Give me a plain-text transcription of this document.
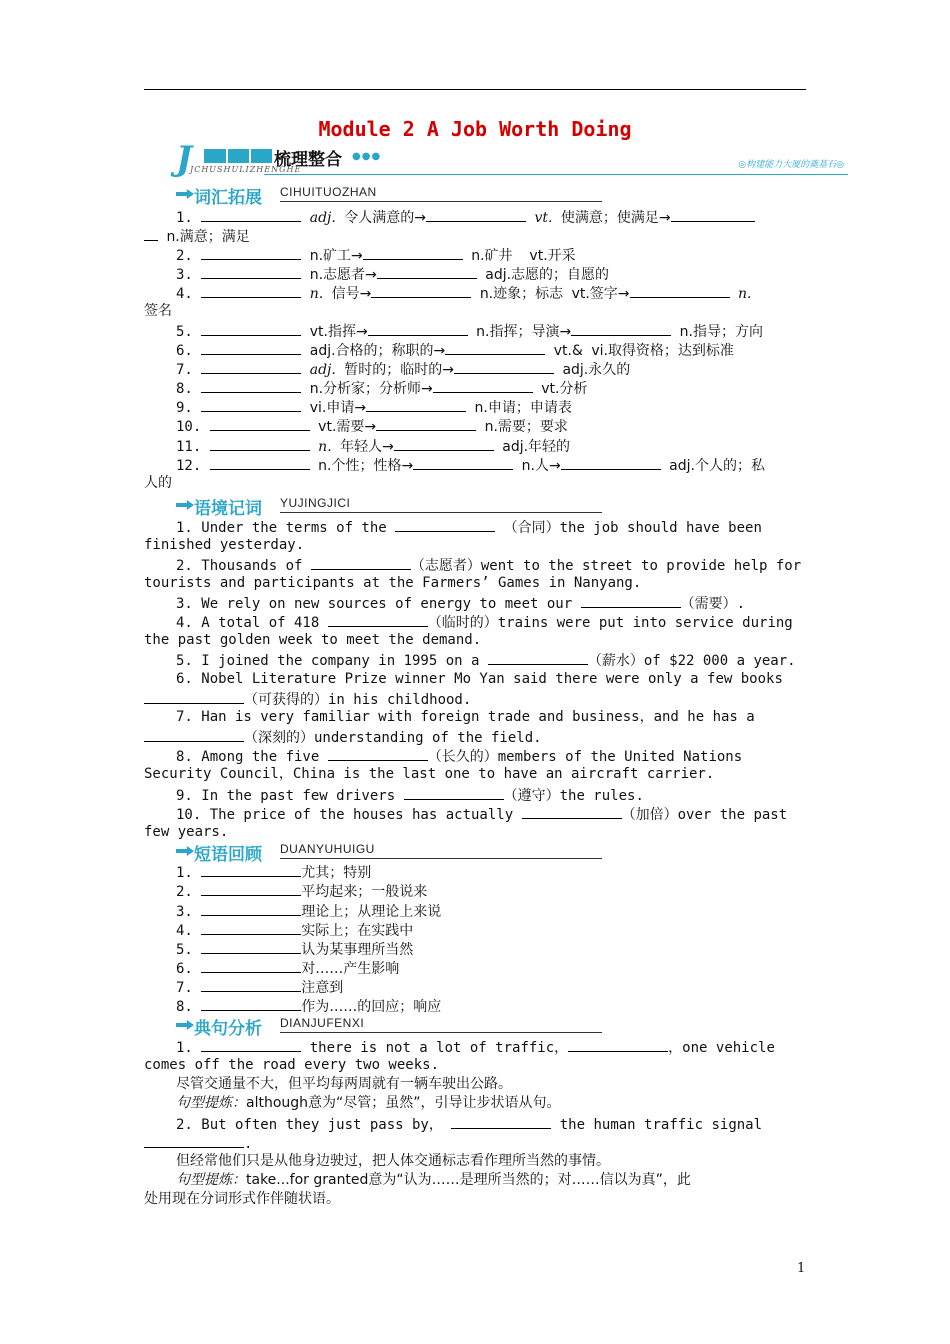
Module 2 A Job Worth Doing
J	梳理整合 ●●●
JCHUSHULIZHENGHE	◎构建能力大厦的奠基石◎
词汇拓展 CIHUITUOZHAN
1.	adj. 令人满意的→	vt. 使满意；使满足→
n.满意；满足
2.	n.矿工→	n.矿井 vt.开采
3.	n.志愿者→	adj.志愿的；自愿的
4.	n. 信号→	n.迹象；标志 vt.签字→	n.
签名
5.	vt.指挥→	n.指挥；导演→	n.指导；方向
6.	adj.合格的；称职的→	vt.& vi.取得资格；达到标准
7.	adj. 暂时的；临时的→	adj.永久的
8.	n.分析家；分析师→	vt.分析
9.	vi.申请→	n.申请；申请表
10.	vt.需要→	n.需要；要求
11.	n. 年轻人→	adj.年轻的
12.	n.个性；性格→	n.人→	adj.个人的；私
人的
语境记词 YUJINGJICI
1. Under the terms of the	（合同）the job should have been
finished yesterday.
2. Thousands of	（志愿者）went to the street to provide help for
tourists and participants at the Farmers’ Games in Nanyang.
3. We rely on new sources of energy to meet our	（需要）.
4. A total of 418	（临时的）trains were put into service during
the past golden week to meet the demand.
5. I joined the company in 1995 on a	（薪水）of $22 000 a year.
6. Nobel Literature Prize winner Mo Yan said there were only a few books
（可获得的）in his childhood.
7. Han is very familiar with foreign trade and business，and he has a
（深刻的）understanding of the field.
8. Among the five	（长久的）members of the United Nations
Security Council，China is the last one to have an aircraft carrier.
9. In the past few drivers	（遵守）the rules.
10. The price of the houses has actually	（加倍）over the past
few years.
短语回顾 DUANYUHUIGU
1.	尤其；特别
2.	平均起来；一般说来
3.	理论上；从理论上来说
4.	实际上；在实践中
5.	认为某事理所当然
6.	对……产生影响
7.	注意到
8.	作为……的回应；响应
典句分析 DIANJUFENXI
1.	there is not a lot of traffic，	，one vehicle
comes off the road every two weeks.
尽管交通量不大，但平均每两周就有一辆车驶出公路。
句型提炼：although意为“尽管；虽然”，引导让步状语从句。
2. But often they just pass by，	the human traffic signal
.
但经常他们只是从他身边驶过，把人体交通标志看作理所当然的事情。
句型提炼：take...for granted意为“认为……是理所当然的；对……信以为真”，此
处用现在分词形式作伴随状语。
1
